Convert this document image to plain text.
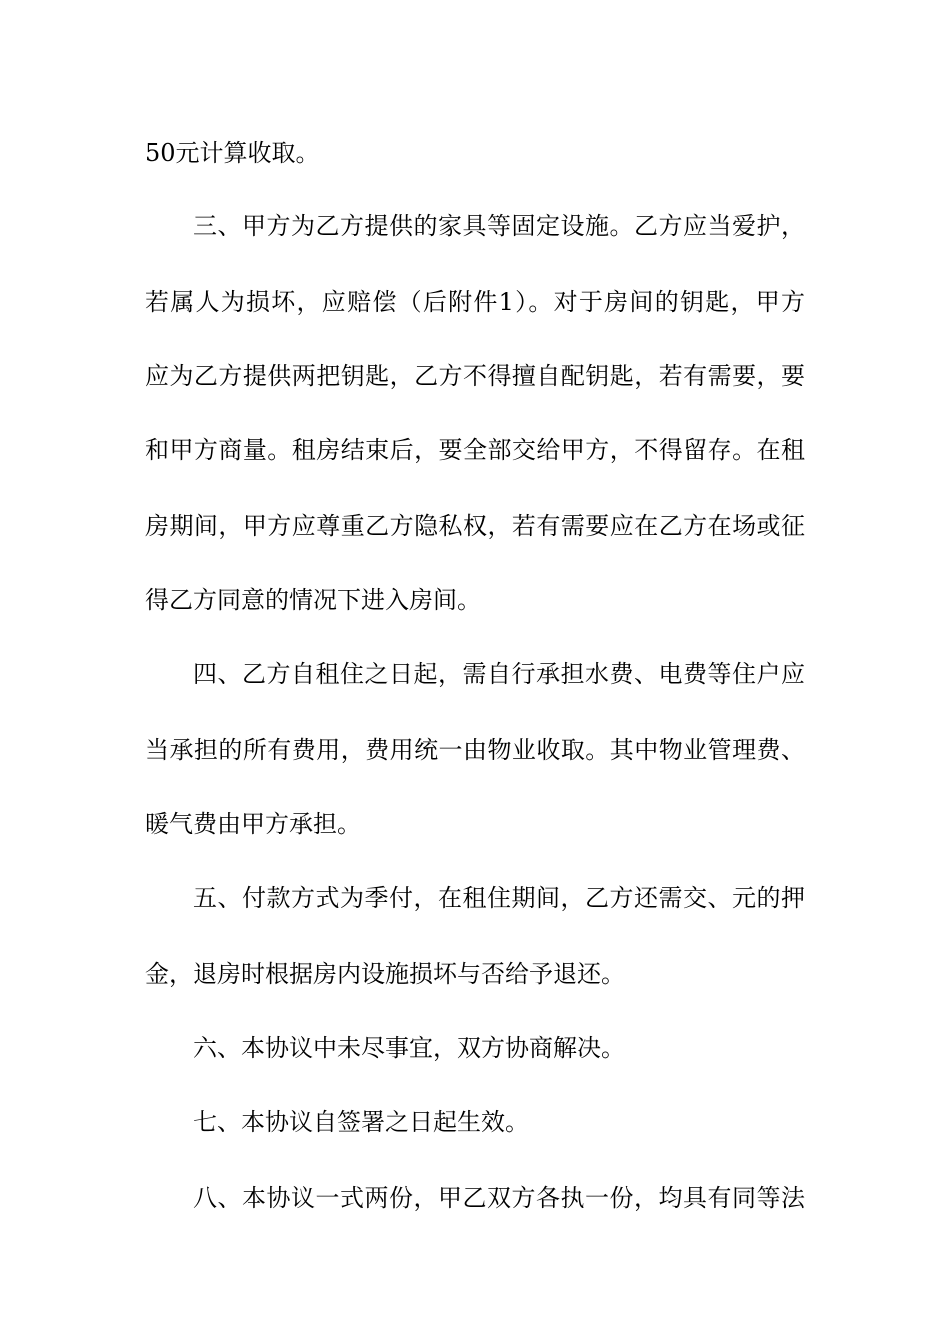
50元计算收取。
三、甲方为乙方提供的家具等固定设施。乙方应当爱护，
若属人为损坏，应赔偿（后附件1）。对于房间的钥匙，甲方
应为乙方提供两把钥匙，乙方不得擅自配钥匙，若有需要，要
和甲方商量。租房结束后，要全部交给甲方，不得留存。在租
房期间，甲方应尊重乙方隐私权，若有需要应在乙方在场或征
得乙方同意的情况下进入房间。
四、乙方自租住之日起，需自行承担水费、电费等住户应
当承担的所有费用，费用统一由物业收取。其中物业管理费、
暖气费由甲方承担。
五、付款方式为季付，在租住期间，乙方还需交、元的押
金，退房时根据房内设施损坏与否给予退还。
六、本协议中未尽事宜，双方协商解决。
七、本协议自签署之日起生效。
八、本协议一式两份，甲乙双方各执一份，均具有同等法
